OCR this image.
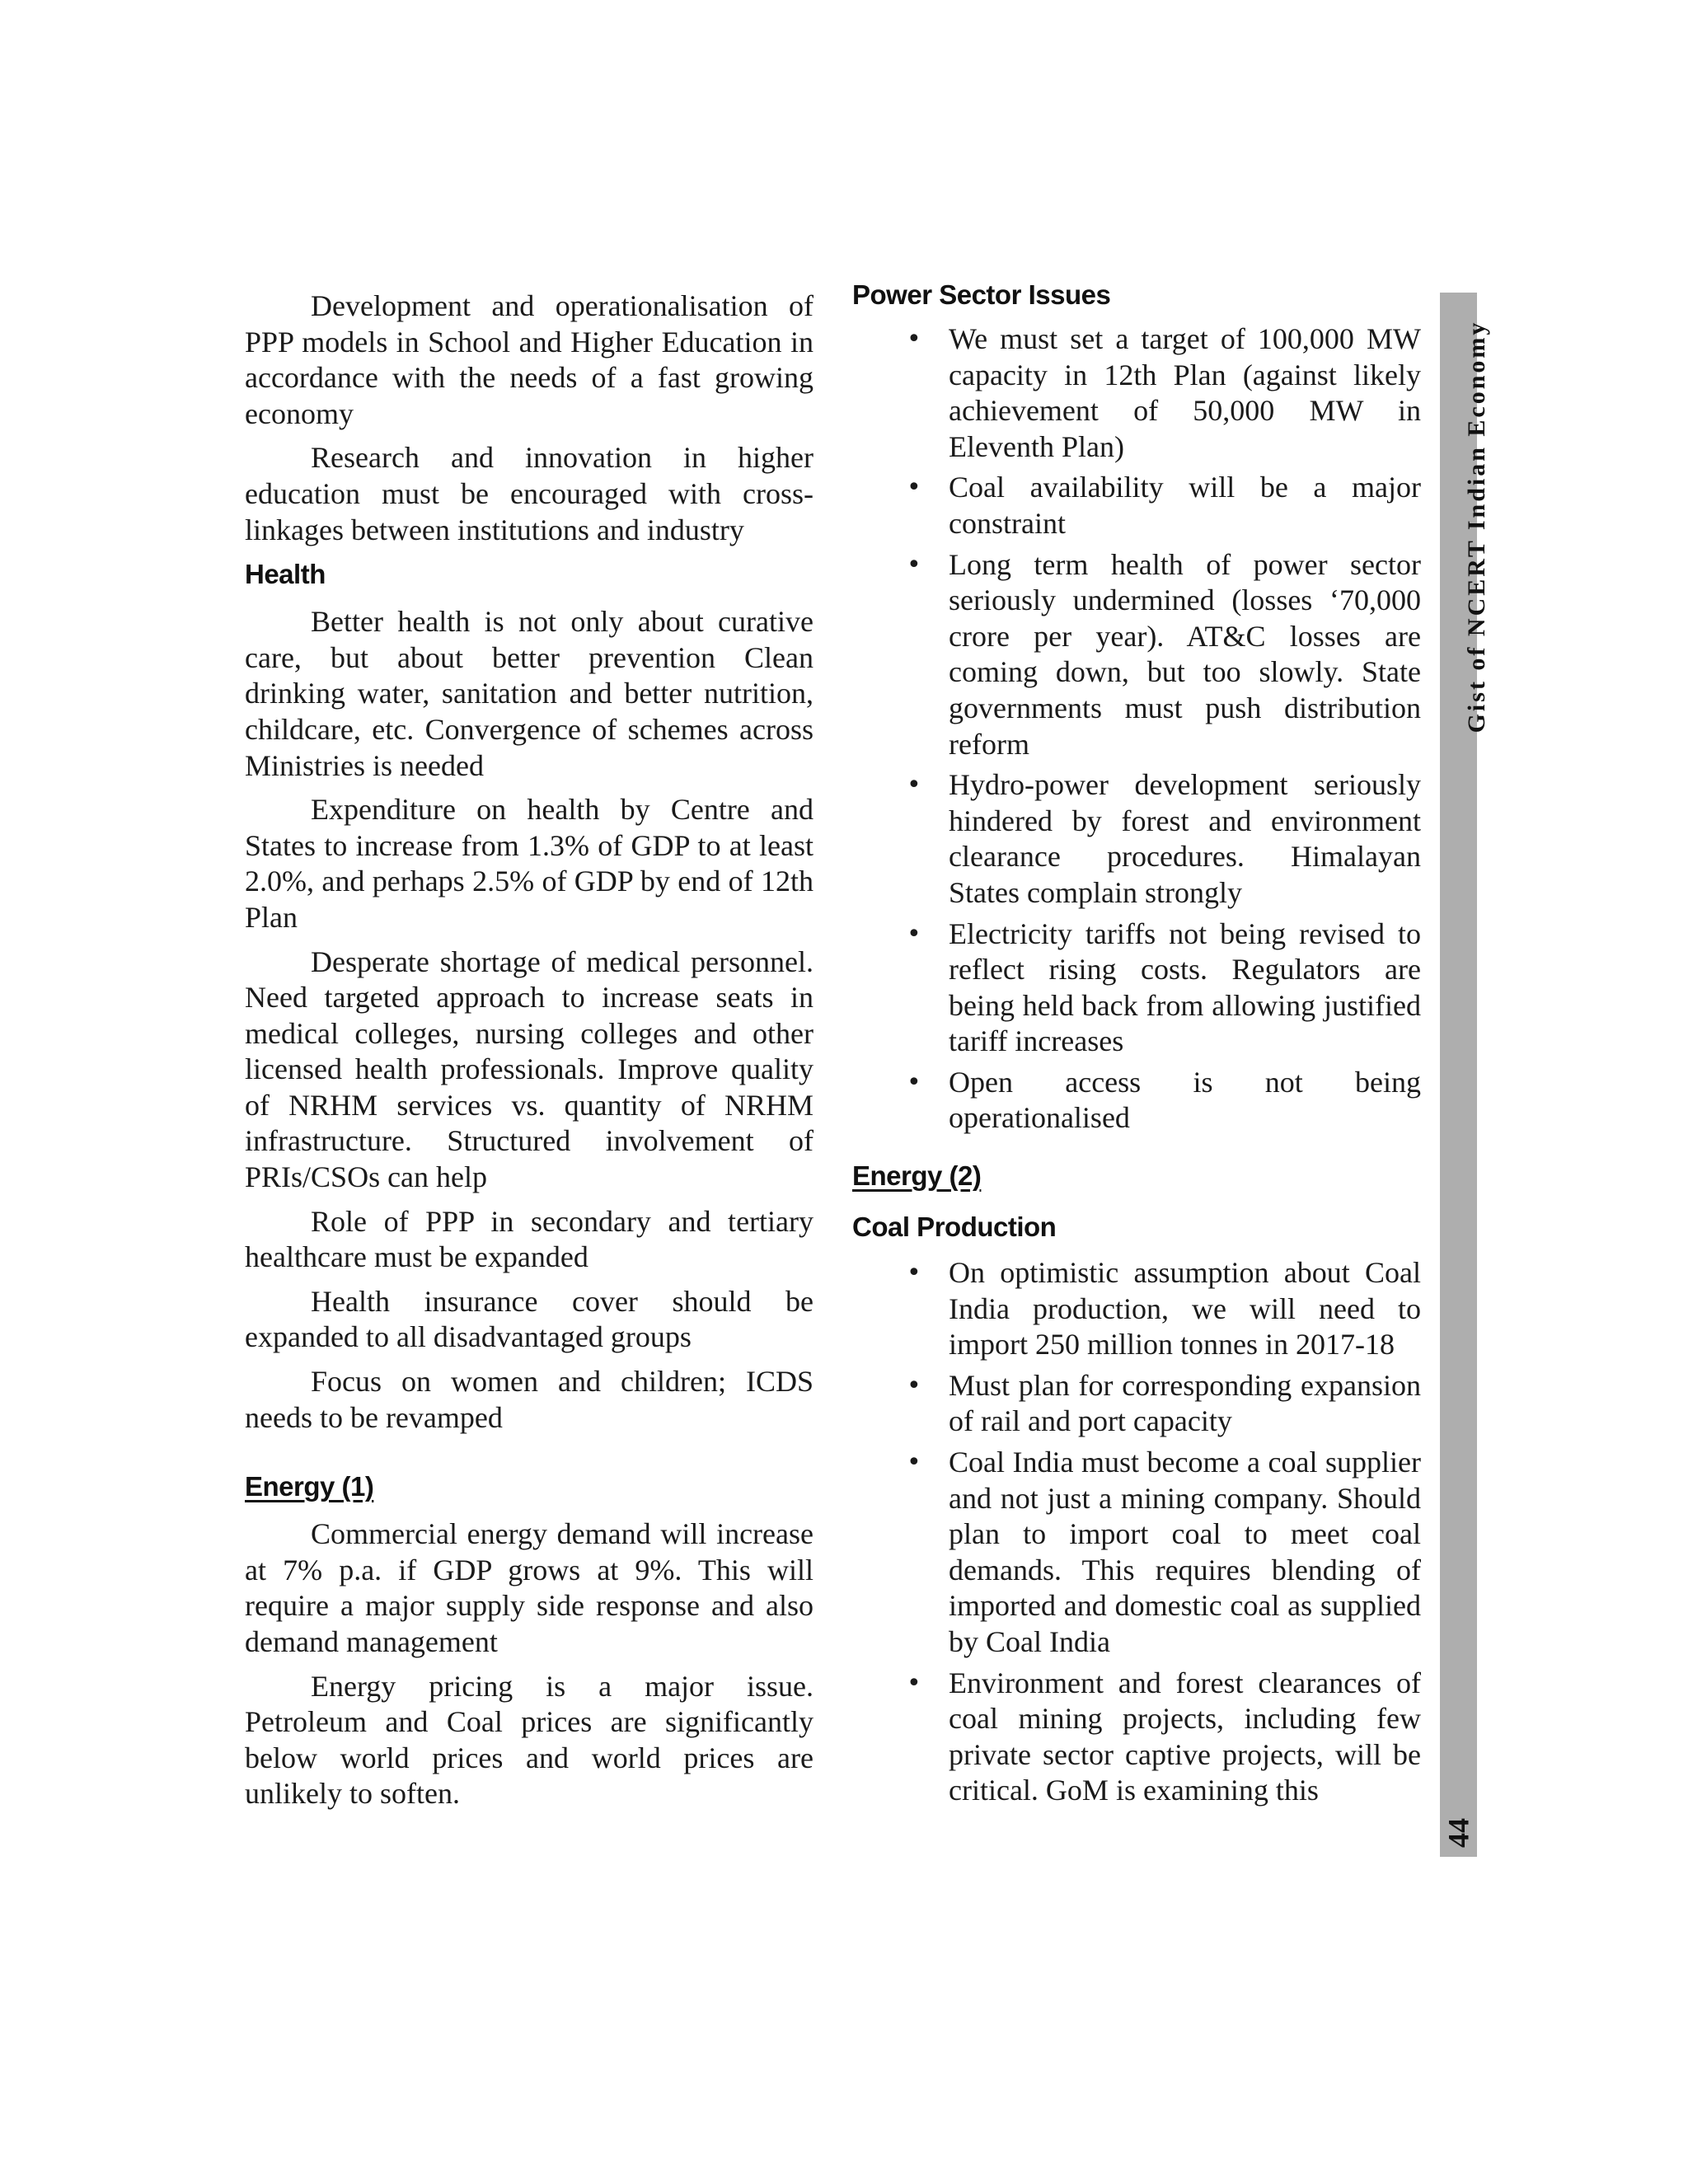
Development and operationalisation of PPP models in School and Higher Education in accordance with the needs of a fast growing economy

Research and innovation in higher education must be encouraged with cross-linkages between institutions and industry

Health

Better health is not only about curative care, but about better prevention Clean drinking water, sanitation and better nutrition, childcare, etc. Convergence of schemes across Ministries is needed

Expenditure on health by Centre and States to increase from 1.3% of GDP to at least 2.0%, and perhaps 2.5% of GDP by end of 12th Plan

Desperate shortage of medical personnel. Need targeted approach to increase seats in medical colleges, nursing colleges and other licensed health professionals. Improve quality of NRHM services vs. quantity of NRHM infrastructure. Structured involvement of PRIs/CSOs can help

Role of PPP in secondary and tertiary healthcare must be expanded

Health insurance cover should be expanded to all disadvantaged groups

Focus on women and children; ICDS needs to be revamped

Energy (1)

Commercial energy demand will increase at 7% p.a. if GDP grows at 9%. This will require a major supply side response and also demand management

Energy pricing is a major issue. Petroleum and Coal prices are significantly below world prices and world prices are unlikely to soften.

Power Sector Issues
• We must set a target of 100,000 MW capacity in 12th Plan (against likely achievement of 50,000 MW in Eleventh Plan)
• Coal availability will be a major constraint
• Long term health of power sector seriously undermined (losses ‘70,000 crore per year). AT&C losses are coming down, but too slowly. State governments must push distribution reform
• Hydro-power development seriously hindered by forest and environment clearance procedures. Himalayan States complain strongly
• Electricity tariffs not being revised to reflect rising costs. Regulators are being held back from allowing justified tariff increases
• Open access is not being operationalised
Energy (2)
Coal Production
• On optimistic assumption about Coal India production, we will need to import 250 million tonnes in 2017-18
• Must plan for corresponding expansion of rail and port capacity
• Coal India must become a coal supplier and not just a mining company. Should plan to import coal to meet coal demands. This requires blending of imported and domestic coal as supplied by Coal India
• Environment and forest clearances of coal mining projects, including few private sector captive projects, will be critical. GoM is examining this
Gist of NCERT Indian Economy
44
